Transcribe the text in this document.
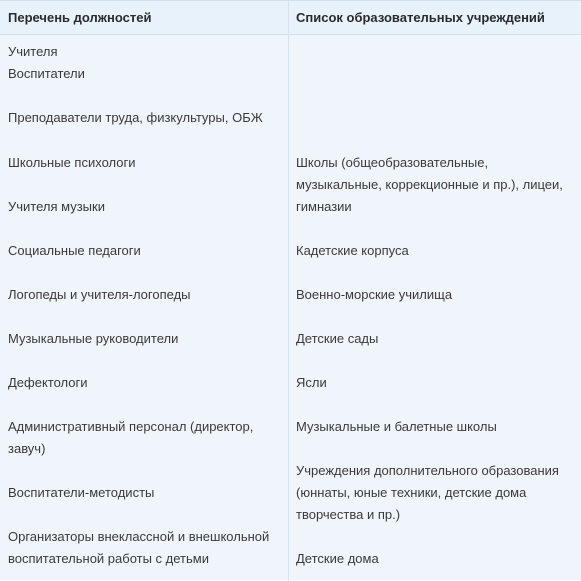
Перечень должностей	Список образовательных учреждений
Учителя
Воспитатели
Преподаватели труда, физкультуры, ОБЖ
Школьные психологи
Учителя музыки
Социальные педагоги
Логопеды и учителя-логопеды
Музыкальные руководители
Дефектологи
Административный персонал (директор,
завуч)
Воспитатели-методисты
Организаторы внеклассной и внешкольной
воспитательной работы с детьми
Школы (общеобразовательные,
музыкальные, коррекционные и пр.), лицеи,
гимназии
Кадетские корпуса
Военно-морские училища
Детские сады
Ясли
Музыкальные и балетные школы
Учреждения дополнительного образования
(юннаты, юные техники, детские дома
творчества и пр.)
Детские дома
